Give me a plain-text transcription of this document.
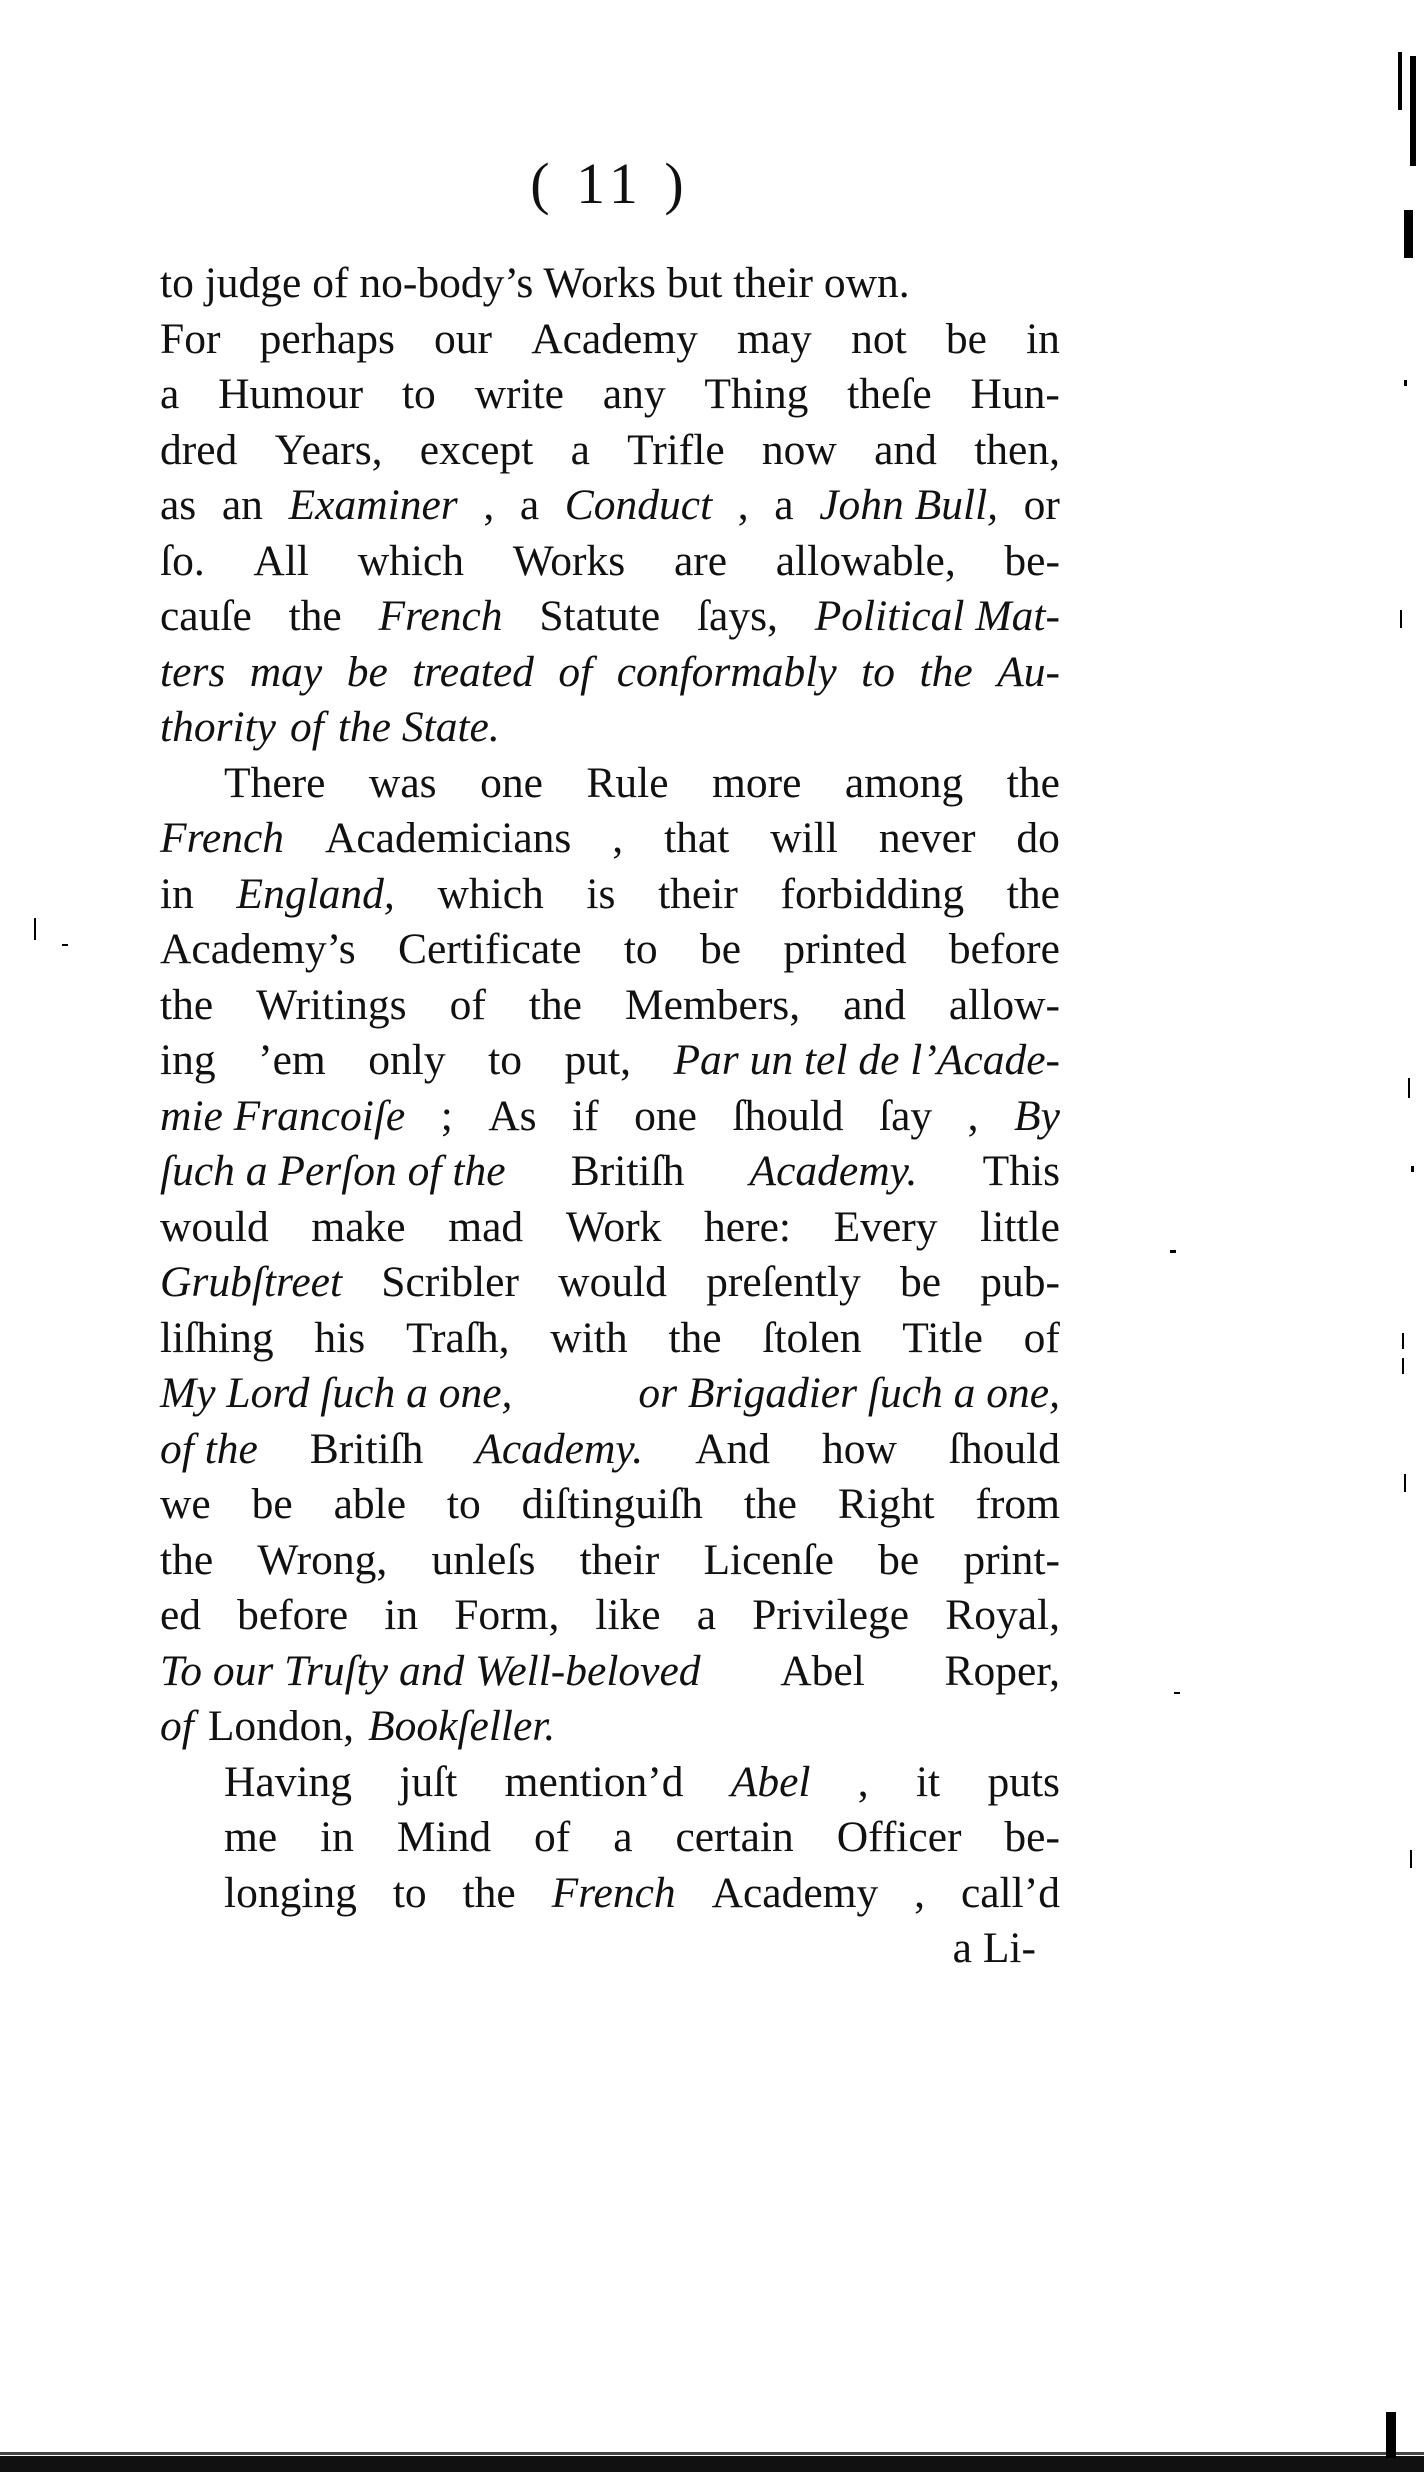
( 11 )
to judge of no-body’s Works but their own.
For perhaps our Academy may not be in
a Humour to write any Thing theſe Hun-
dred Years, except a Trifle now and then,
as an Examiner , a Conduct , a John Bull, or
ſo. All which Works are allowable, be-
cauſe the French Statute ſays, Political Mat-
ters may be treated of conformably to the Au-
thority of the State.
There was one Rule more among the
French Academicians , that will never do
in England, which is their forbidding the
Academy’s Certificate to be printed before
the Writings of the Members, and allow-
ing ’em only to put, Par un tel de l’Acade-
mie Francoiſe ; As if one ſhould ſay , By
ſuch a Perſon of the Britiſh Academy. This
would make mad Work here: Every little
Grubſtreet Scribler would preſently be pub-
liſhing his Traſh, with the ſtolen Title of
My Lord ſuch a one,	or Brigadier ſuch a one,
of the Britiſh Academy. And how ſhould
we be able to diſtinguiſh the Right from
the Wrong, unleſs their Licenſe be print-
ed before in Form, like a Privilege Royal,
To our Truſty and Well-beloved Abel Roper,
of London, Bookſeller.
Having juſt mention’d Abel , it puts
me in Mind of a certain Officer be-
longing to the French Academy , call’d
a Li-
